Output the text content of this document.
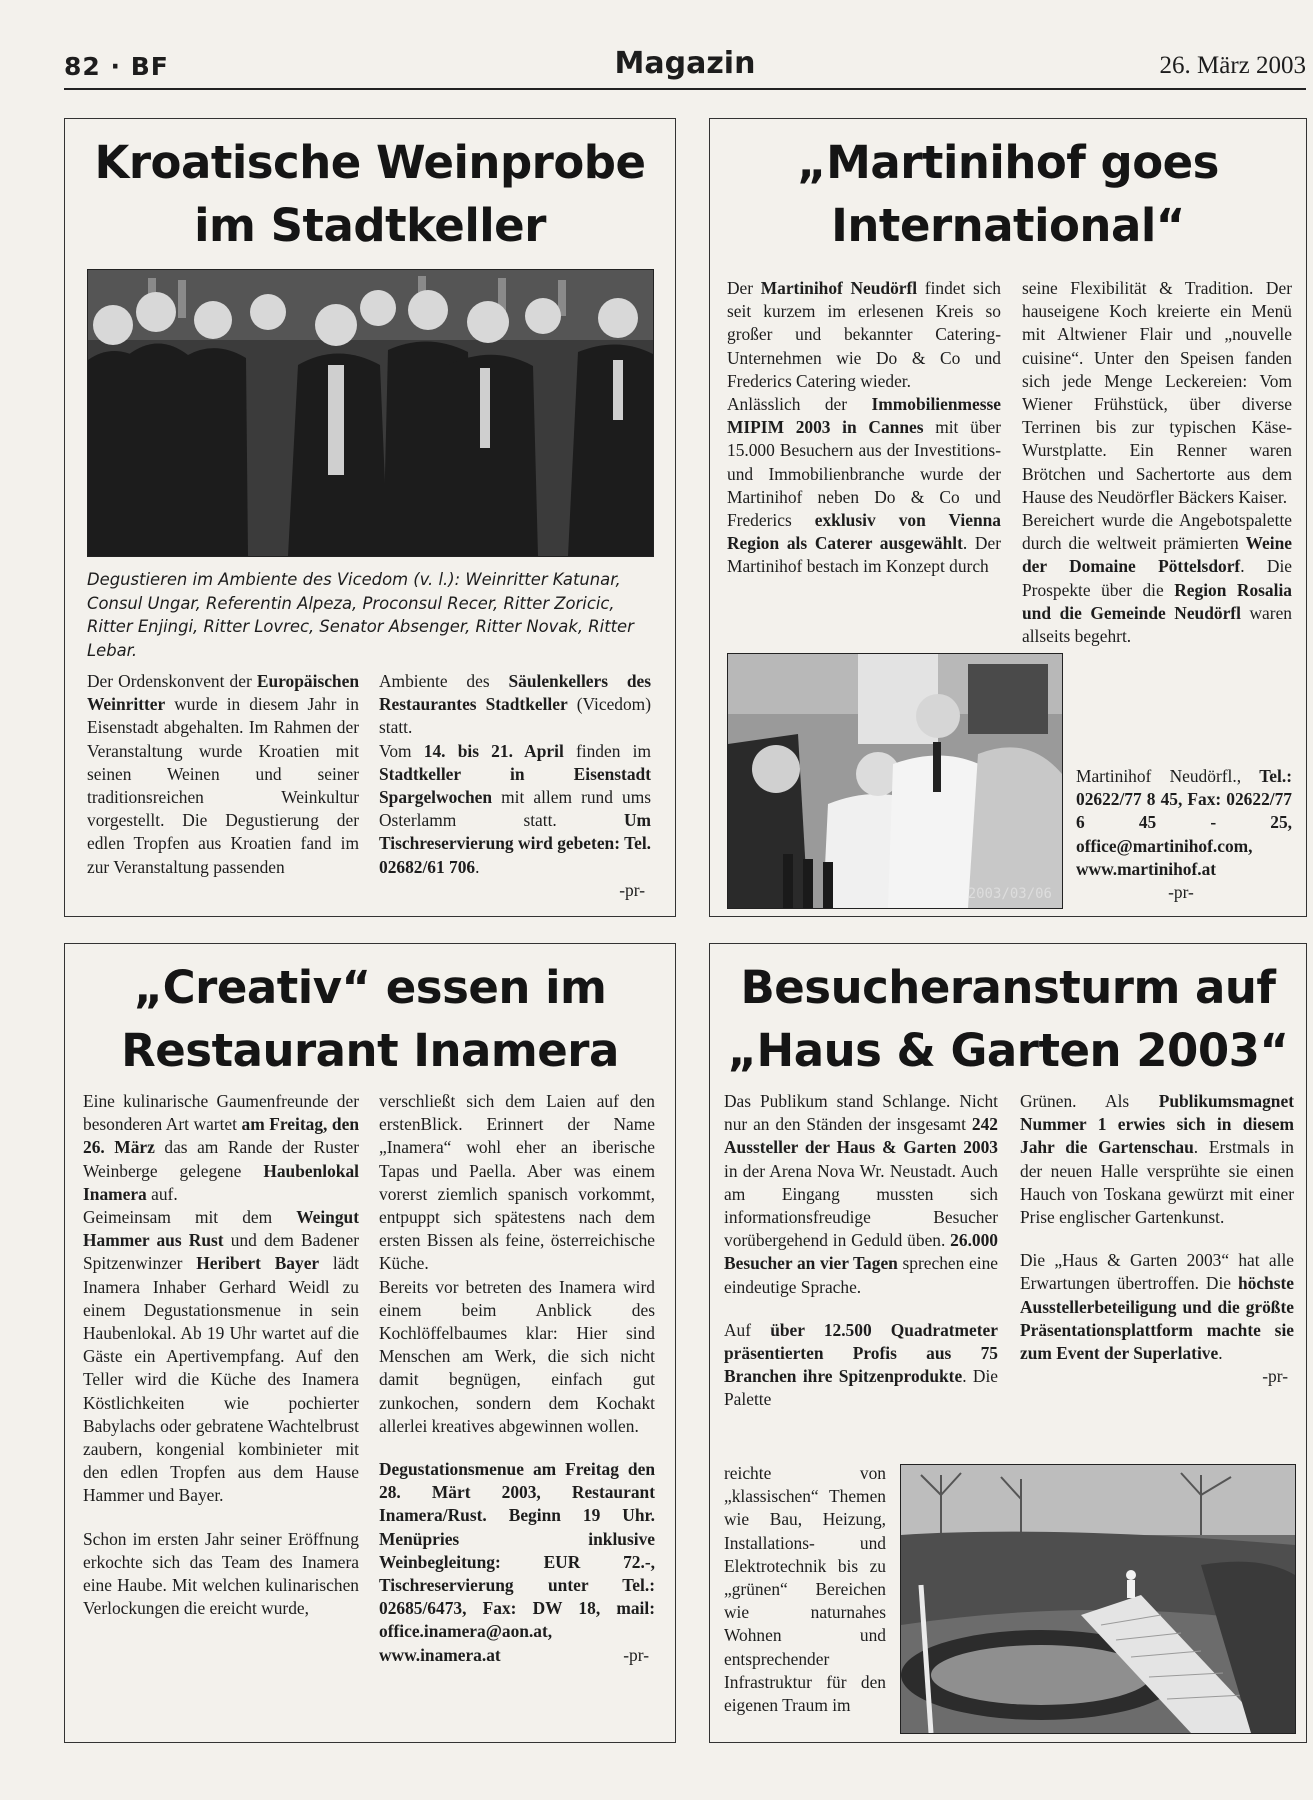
82 · BF	Magazin	26. März 2003
Kroatische Weinprobe
im Stadtkeller
Degustieren im Ambiente des Vicedom (v. l.): Weinritter Katunar, Consul Ungar, Referentin Alpeza, Proconsul Recer, Ritter Zoricic, Ritter Enjingi, Ritter Lovrec, Senator Absenger, Ritter Novak, Ritter Lebar.

Der Ordenskonvent der Europäischen Weinritter wurde in diesem Jahr in Eisenstadt abgehalten. Im Rahmen der Veranstaltung wurde Kroatien mit seinen Weinen und seiner traditionsreichen Weinkultur vorgestellt. Die Degustierung der edlen Tropfen aus Kroatien fand im zur Veranstaltung passenden

Ambiente des Säulenkellers des Restaurantes Stadtkeller (Vicedom) statt.

Vom 14. bis 21. April finden im Stadtkeller in Eisenstadt Spargelwochen mit allem rund ums Osterlamm statt. Um Tischreservierung wird gebeten: Tel. 02682/61 706.

-pr-

„Martinihof goes
International“

Der Martinihof Neudörfl findet sich seit kurzem im erlesenen Kreis so großer und bekannter Catering-Unternehmen wie Do & Co und Frederics Catering wieder.

Anlässlich der Immobilienmesse MIPIM 2003 in Cannes mit über 15.000 Besuchern aus der Investitions- und Immobilienbranche wurde der Martinihof neben Do & Co und Frederics exklusiv von Vienna Region als Caterer ausgewählt. Der Martinihof bestach im Konzept durch

seine Flexibilität & Tradition. Der hauseigene Koch kreierte ein Menü mit Altwiener Flair und „nouvelle cuisine“. Unter den Speisen fanden sich jede Menge Leckereien: Vom Wiener Frühstück, über diverse Terrinen bis zur typischen Käse-Wurstplatte. Ein Renner waren Brötchen und Sachertorte aus dem Hause des Neudörfler Bäckers Kaiser.

Bereichert wurde die Angebotspalette durch die weltweit prämierten Weine der Domaine Pöttelsdorf. Die Prospekte über die Region Rosalia und die Gemeinde Neudörfl waren allseits begehrt.

Martinihof Neudörfl., Tel.: 02622/77 8 45, Fax: 02622/77 6 45 - 25, office@martinihof.com, www.martinihof.at

-pr-

2003/03/06
„Creativ“ essen im
Restaurant Inamera

Eine kulinarische Gaumenfreunde der besonderen Art wartet am Freitag, den 26. März das am Rande der Ruster Weinberge gelegene Haubenlokal Inamera auf.

Geimeinsam mit dem Weingut Hammer aus Rust und dem Badener Spitzenwinzer Heribert Bayer lädt Inamera Inhaber Gerhard Weidl zu einem Degustationsmenue in sein Haubenlokal. Ab 19 Uhr wartet auf die Gäste ein Apertivempfang. Auf den Teller wird die Küche des Inamera Köstlichkeiten wie pochierter Babylachs oder gebratene Wachtelbrust zaubern, kongenial kombinieter mit den edlen Tropfen aus dem Hause Hammer und Bayer.

Schon im ersten Jahr seiner Eröffnung erkochte sich das Team des Inamera eine Haube. Mit welchen kulinarischen Verlockungen die ereicht wurde,

verschließt sich dem Laien auf den erstenBlick. Erinnert der Name „Inamera“ wohl eher an iberische Tapas und Paella. Aber was einem vorerst ziemlich spanisch vorkommt, entpuppt sich spätestens nach dem ersten Bissen als feine, österreichische Küche.

Bereits vor betreten des Inamera wird einem beim Anblick des Kochlöffelbaumes klar: Hier sind Menschen am Werk, die sich nicht damit begnügen, einfach gut zunkochen, sondern dem Kochakt allerlei kreatives abgewinnen wollen.

Degustationsmenue am Freitag den 28. Märt 2003, Restaurant Inamera/Rust. Beginn 19 Uhr. Menüpries inklusive Weinbegleitung: EUR 72.-, Tischreservierung unter Tel.: 02685/6473, Fax: DW 18, mail: office.inamera@aon.at, www.inamera.at	-pr-

Besucheransturm auf
„Haus & Garten 2003“

Das Publikum stand Schlange. Nicht nur an den Ständen der insgesamt 242 Aussteller der Haus & Garten 2003 in der Arena Nova Wr. Neustadt. Auch am Eingang mussten sich informationsfreudige Besucher vorübergehend in Geduld üben. 26.000 Besucher an vier Tagen sprechen eine eindeutige Sprache.

Auf über 12.500 Quadratmeter präsentierten Profis aus 75 Branchen ihre Spitzenprodukte. Die Palette

reichte von „klassischen“ Themen wie Bau, Heizung, Installations- und Elektrotechnik bis zu „grünen“ Bereichen wie naturnahes Wohnen und entsprechender Infrastruktur für den eigenen Traum im

Grünen. Als Publikumsmagnet Nummer 1 erwies sich in diesem Jahr die Gartenschau. Erstmals in der neuen Halle versprühte sie einen Hauch von Toskana gewürzt mit einer Prise englischer Gartenkunst.

Die „Haus & Garten 2003“ hat alle Erwartungen übertroffen. Die höchste Ausstellerbeteiligung und die größte Präsentationsplattform machte sie zum Event der Superlative.

-pr-
